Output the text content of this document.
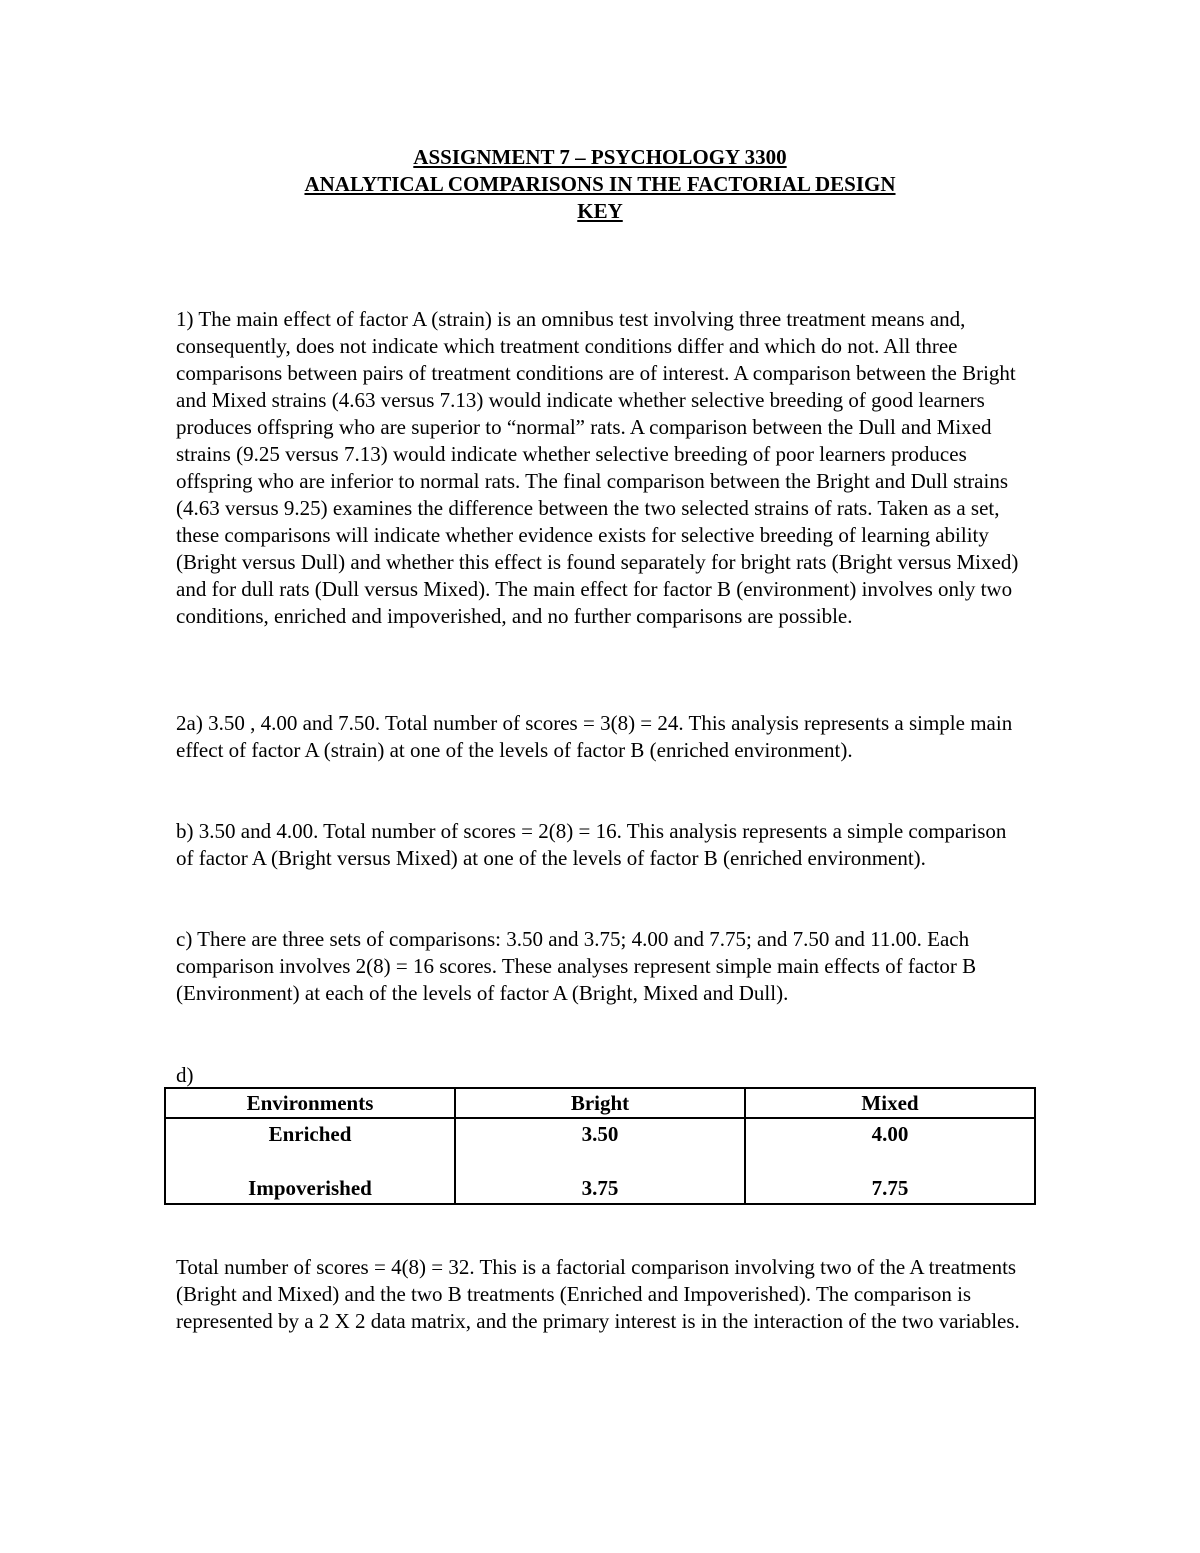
ASSIGNMENT 7 – PSYCHOLOGY 3300
ANALYTICAL COMPARISONS IN THE FACTORIAL DESIGN
KEY

1) The main effect of factor A (strain) is an omnibus test involving three treatment means and, consequently, does not indicate which treatment conditions differ and which do not. All three comparisons between pairs of treatment conditions are of interest. A comparison between the Bright and Mixed strains (4.63 versus 7.13) would indicate whether selective breeding of good learners produces offspring who are superior to “normal” rats. A comparison between the Dull and Mixed strains (9.25 versus 7.13) would indicate whether selective breeding of poor learners produces offspring who are inferior to normal rats. The final comparison between the Bright and Dull strains (4.63 versus 9.25) examines the difference between the two selected strains of rats. Taken as a set, these comparisons will indicate whether evidence exists for selective breeding of learning ability (Bright versus Dull) and whether this effect is found separately for bright rats (Bright versus Mixed) and for dull rats (Dull versus Mixed). The main effect for factor B (environment) involves only two conditions, enriched and impoverished, and no further comparisons are possible.

2a) 3.50 , 4.00 and 7.50. Total number of scores = 3(8) = 24. This analysis represents a simple main effect of factor A (strain) at one of the levels of factor B (enriched environment).

b) 3.50 and 4.00. Total number of scores = 2(8) = 16. This analysis represents a simple comparison of factor A (Bright versus Mixed) at one of the levels of factor B (enriched environment).

c) There are three sets of comparisons: 3.50 and 3.75; 4.00 and 7.75; and 7.50 and 11.00. Each comparison involves 2(8) = 16 scores. These analyses represent simple main effects of factor B (Environment) at each of the levels of factor A (Bright, Mixed and Dull).

d)

Environments	Bright	Mixed
Enriched	3.50	4.00
Impoverished	3.75	7.75

Total number of scores = 4(8) = 32. This is a factorial comparison involving two of the A treatments (Bright and Mixed) and the two B treatments (Enriched and Impoverished). The comparison is represented by a 2 X 2 data matrix, and the primary interest is in the interaction of the two variables.
